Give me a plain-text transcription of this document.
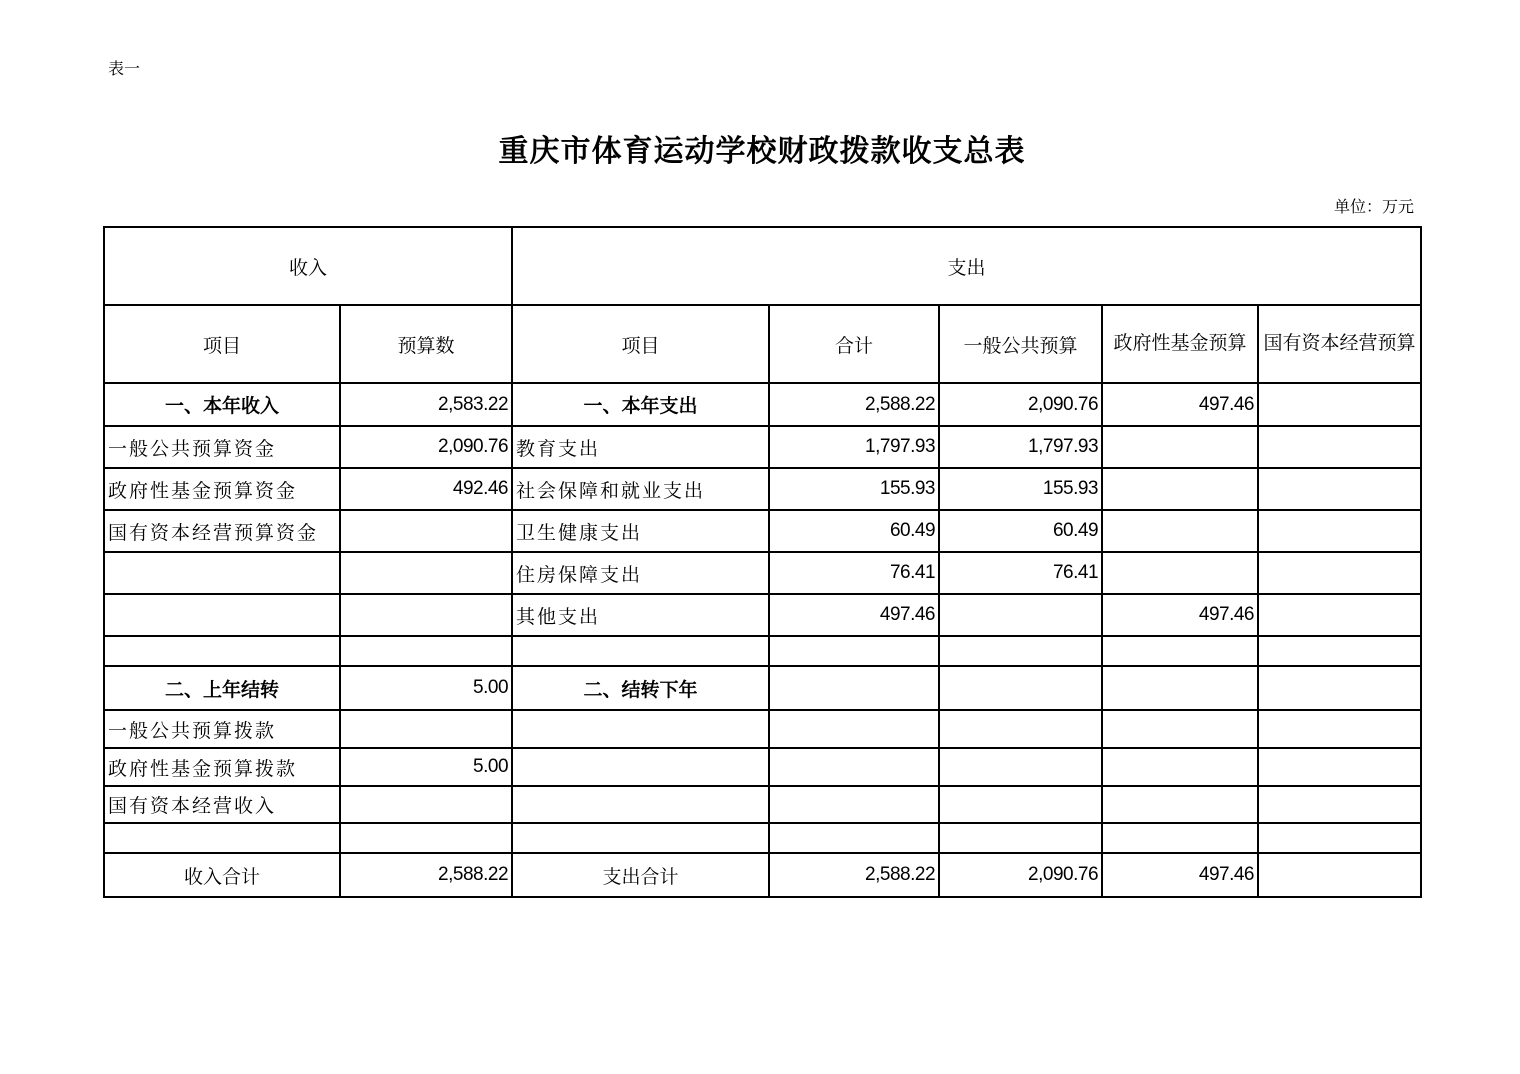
表一
重庆市体育运动学校财政拨款收支总表
单位：万元
收入		支出				
项目	预算数	项目	合计	一般公共预算	政府性基金预算	国有资本经营预算
一、本年收入	2,583.22	一、本年支出	2,588.22	2,090.76	497.46	
一般公共预算资金	2,090.76	教育支出	1,797.93	1,797.93		
政府性基金预算资金	492.46	社会保障和就业支出	155.93	155.93		
国有资本经营预算资金		卫生健康支出	60.49	60.49		
		住房保障支出	76.41	76.41		
		其他支出	497.46		497.46	

二、上年结转	5.00	二、结转下年				
一般公共预算拨款						
政府性基金预算拨款	5.00					
国有资本经营收入						

收入合计	2,588.22	支出合计	2,588.22	2,090.76	497.46	
